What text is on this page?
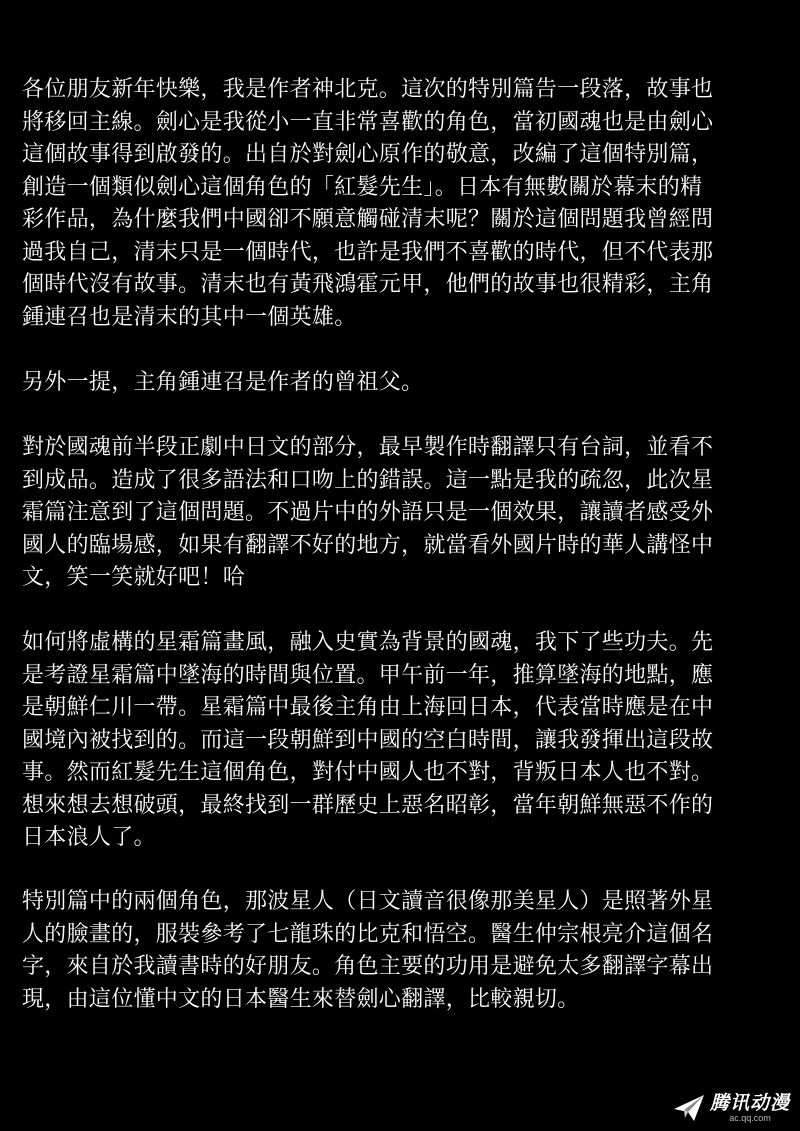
各位朋友新年快樂，我是作者神北克。這次的特別篇告一段落，故事也
將移回主線。劍心是我從小一直非常喜歡的角色，當初國魂也是由劍心
這個故事得到啟發的。出自於對劍心原作的敬意，改編了這個特別篇，
創造一個類似劍心這個角色的「紅髮先生」。日本有無數關於幕末的精
彩作品，為什麼我們中國卻不願意觸碰清末呢？關於這個問題我曾經問
過我自己，清末只是一個時代，也許是我們不喜歡的時代，但不代表那
個時代沒有故事。清末也有黃飛鴻霍元甲，他們的故事也很精彩，主角
鍾連召也是清末的其中一個英雄。

另外一提，主角鍾連召是作者的曾祖父。

對於國魂前半段正劇中日文的部分，最早製作時翻譯只有台詞，並看不
到成品。造成了很多語法和口吻上的錯誤。這一點是我的疏忽，此次星
霜篇注意到了這個問題。不過片中的外語只是一個效果，讓讀者感受外
國人的臨場感，如果有翻譯不好的地方，就當看外國片時的華人講怪中
文，笑一笑就好吧！哈

如何將虛構的星霜篇畫風，融入史實為背景的國魂，我下了些功夫。先
是考證星霜篇中墜海的時間與位置。甲午前一年，推算墜海的地點，應
是朝鮮仁川一帶。星霜篇中最後主角由上海回日本，代表當時應是在中
國境內被找到的。而這一段朝鮮到中國的空白時間，讓我發揮出這段故
事。然而紅髮先生這個角色，對付中國人也不對，背叛日本人也不對。
想來想去想破頭，最終找到一群歷史上惡名昭彰，當年朝鮮無惡不作的
日本浪人了。

特別篇中的兩個角色，那波星人（日文讀音很像那美星人）是照著外星
人的臉畫的，服裝參考了七龍珠的比克和悟空。醫生仲宗根亮介這個名
字，來自於我讀書時的好朋友。角色主要的功用是避免太多翻譯字幕出
現，由這位懂中文的日本醫生來替劍心翻譯，比較親切。

腾讯动漫
ac.qq.com
